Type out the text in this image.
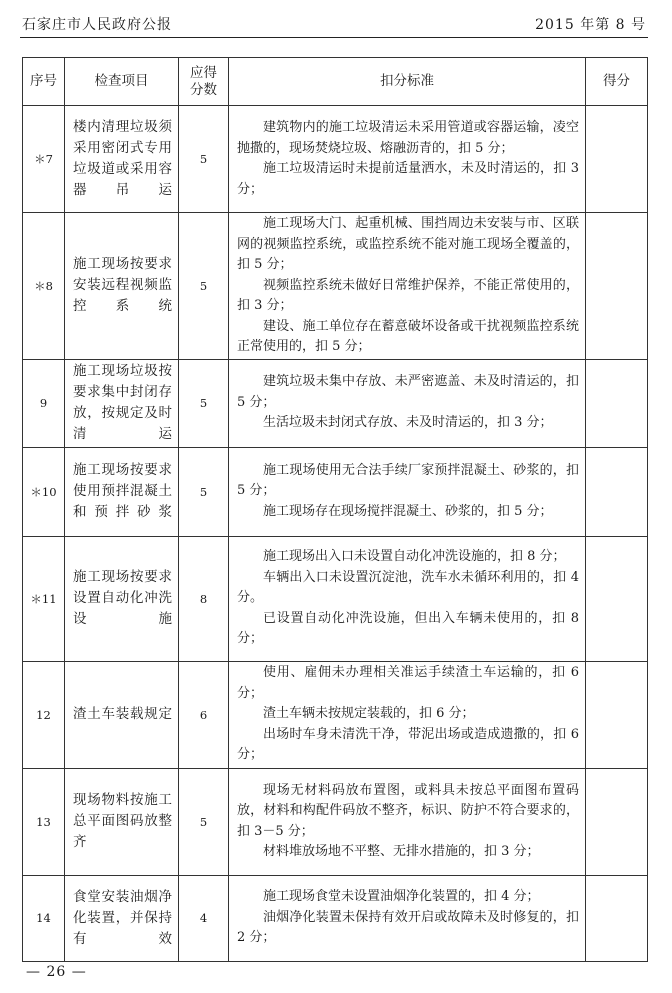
石家庄市人民政府公报	2015 年第 8 号
序号	检查项目	应得分数	扣分标准	得分
＊7	楼内清理垃圾须采用密闭式专用垃圾道或采用容器吊运	5	建筑物内的施工垃圾清运未采用管道或容器运输，凌空抛撒的，现场焚烧垃圾、熔融沥青的，扣 5 分；

施工垃圾清运时未提前适量洒水，未及时清运的，扣 3 分；	

＊8	施工现场按要求安装远程视频监控系统	5	施工现场大门、起重机械、围挡周边未安装与市、区联网的视频监控系统，或监控系统不能对施工现场全覆盖的，扣 5 分；

视频监控系统未做好日常维护保养，不能正常使用的，扣 3 分；

建设、施工单位存在蓄意破坏设备或干扰视频监控系统正常使用的，扣 5 分；	

9	施工现场垃圾按要求集中封闭存放，按规定及时清运	5	建筑垃圾未集中存放、未严密遮盖、未及时清运的，扣 5 分；

生活垃圾未封闭式存放、未及时清运的，扣 3 分；	

＊10	施工现场按要求使用预拌混凝土和预拌砂浆	5	施工现场使用无合法手续厂家预拌混凝土、砂浆的，扣 5 分；

施工现场存在现场搅拌混凝土、砂浆的，扣 5 分；	

＊11	施工现场按要求设置自动化冲洗设施	8	施工现场出入口未设置自动化冲洗设施的，扣 8 分；

车辆出入口未设置沉淀池，洗车水未循环利用的，扣 4 分。

已设置自动化冲洗设施，但出入车辆未使用的，扣 8 分；	

12	渣土车装载规定	6	使用、雇佣未办理相关准运手续渣土车运输的，扣 6 分；

渣土车辆未按规定装载的，扣 6 分；

出场时车身未清洗干净，带泥出场或造成遗撒的，扣 6 分；	

13	现场物料按施工总平面图码放整齐	5	现场无材料码放布置图，或料具未按总平面图布置码放，材料和构配件码放不整齐，标识、防护不符合要求的，扣 3－5 分；

材料堆放场地不平整、无排水措施的，扣 3 分；	

14	食堂安装油烟净化装置，并保持有效	4	施工现场食堂未设置油烟净化装置的，扣 4 分；

油烟净化装置未保持有效开启或故障未及时修复的，扣 2 分；	

— 26 —
